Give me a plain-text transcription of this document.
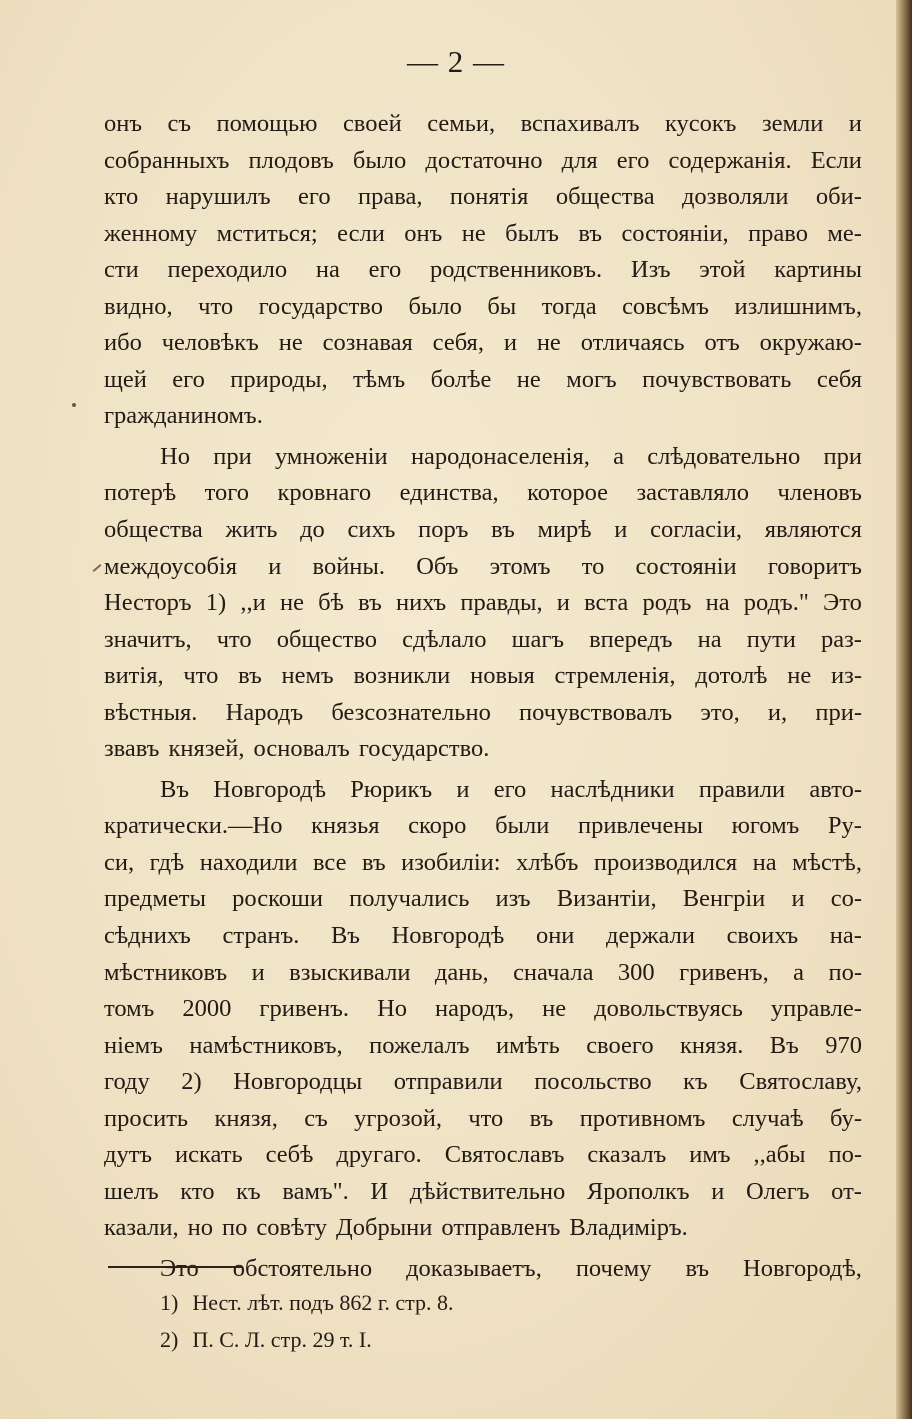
— 2 —
онъ съ помощью своей семьи, вспахивалъ кусокъ земли и
собранныхъ плодовъ было достаточно для его содержанія. Если
кто нарушилъ его права, понятія общества дозволяли оби-
женному мститься; если онъ не былъ въ состояніи, право ме-
сти переходило на его родственниковъ. Изъ этой картины
видно, что государство было бы тогда совсѣмъ излишнимъ,
ибо человѣкъ не сознавая себя, и не отличаясь отъ окружаю-
щей его природы, тѣмъ болѣе не могъ почувствовать себя
гражданиномъ.
Но при умноженіи народонаселенія, а слѣдовательно при
потерѣ того кровнаго единства, которое заставляло членовъ
общества жить до сихъ поръ въ мирѣ и согласіи, являются
междоусобія и войны. Объ этомъ то состояніи говоритъ
Несторъ 1) ,,и не бѣ въ нихъ правды, и вста родъ на родъ." Это
значитъ, что общество сдѣлало шагъ впередъ на пути раз-
витія, что въ немъ возникли новыя стремленія, дотолѣ не из-
вѣстныя. Народъ безсознательно почувствовалъ это, и, при-
звавъ князей, основалъ государство.
Въ Новгородѣ Рюрикъ и его наслѣдники правили авто-
кратически.—Но князья скоро были привлечены югомъ Ру-
си, гдѣ находили все въ изобиліи: хлѣбъ производился на мѣстѣ,
предметы роскоши получались изъ Византіи, Венгріи и со-
сѣднихъ странъ. Въ Новгородѣ они держали своихъ на-
мѣстниковъ и взыскивали дань, сначала 300 гривенъ, а по-
томъ 2000 гривенъ. Но народъ, не довольствуясь управле-
ніемъ намѣстниковъ, пожелалъ имѣть своего князя. Въ 970
году 2) Новгородцы отправили посольство къ Святославу,
просить князя, съ угрозой, что въ противномъ случаѣ бу-
дутъ искать себѣ другаго. Святославъ сказалъ имъ ,,абы по-
шелъ кто къ вамъ". И дѣйствительно Ярополкъ и Олегъ от-
казали, но по совѣту Добрыни отправленъ Владиміръ.
Это обстоятельно доказываетъ, почему въ Новгородѣ,
1) Нест. лѣт. подъ 862 г. стр. 8.
2) П. С. Л. стр. 29 т. I.
